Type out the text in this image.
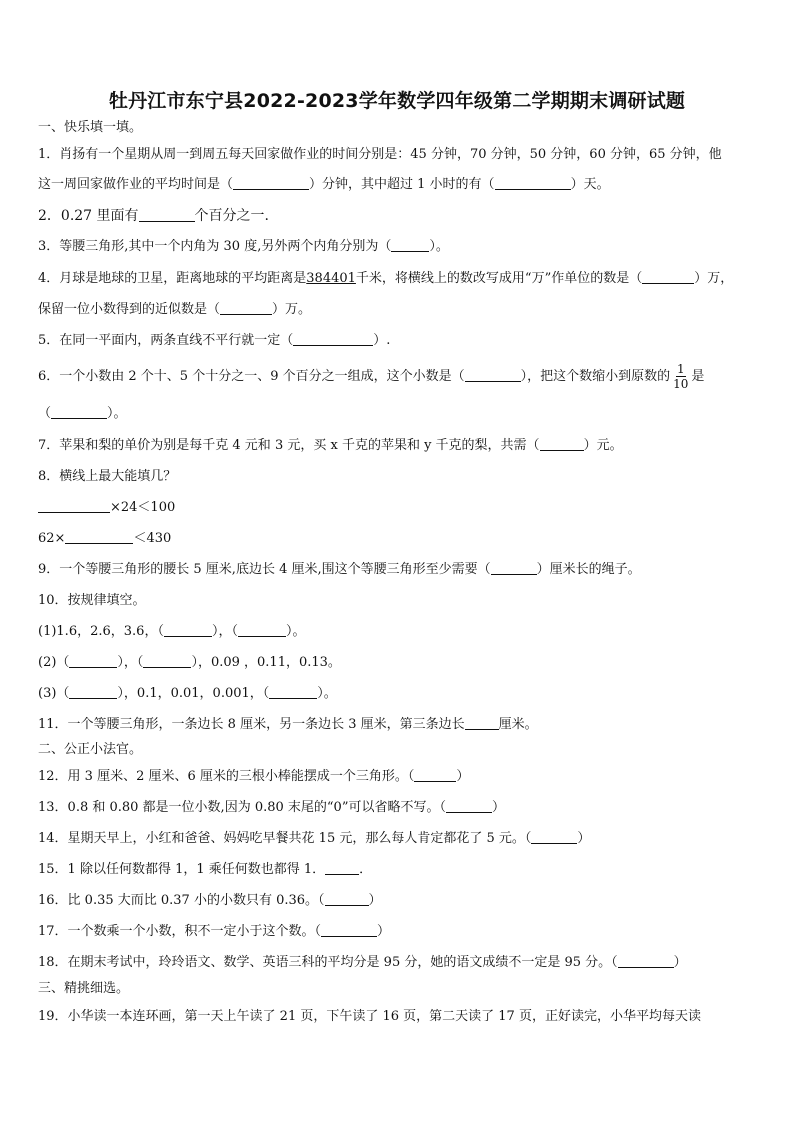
牡丹江市东宁县2022-2023学年数学四年级第二学期期末调研试题
一、快乐填一填。
1．肖扬有一个星期从周一到周五每天回家做作业的时间分别是：45 分钟，70 分钟，50 分钟，60 分钟，65 分钟，他
这一周回家做作业的平均时间是（	）分钟，其中超过 1 小时的有（	）天。
2．0.27 里面有	个百分之一.
3．等腰三角形,其中一个内角为 30 度,另外两个内角分别为（	）。
4．月球是地球的卫星，距离地球的平均距离是384401千米，将横线上的数改写成用“万”作单位的数是（	）万，
保留一位小数得到的近似数是（	）万。
5．在同一平面内，两条直线不平行就一定（	）.
6．一个小数由 2 个十、5 个十分之一、9 个百分之一组成，这个小数是（	），把这个数缩小到原数的 $\frac{1}{10}$ 是
（	）。
7．苹果和梨的单价为别是每千克 4 元和 3 元，买 x 千克的苹果和 y 千克的梨，共需（	）元。
8．横线上最大能填几？
×24＜100
62×	＜430
9．一个等腰三角形的腰长 5 厘米,底边长 4 厘米,围这个等腰三角形至少需要（	）厘米长的绳子。
10．按规律填空。
(1)1.6，2.6，3.6，（	），（	）。
(2)（	），（	），0.09 ，0.11，0.13。
(3)（	），0.1，0.01，0.001，（	）。
11．一个等腰三角形，一条边长 8 厘米，另一条边长 3 厘米，第三条边长	厘米。
二、公正小法官。
12．用 3 厘米、2 厘米、6 厘米的三根小棒能摆成一个三角形。（	）
13．0.8 和 0.80 都是一位小数,因为 0.80 末尾的“0”可以省略不写。（	）
14．星期天早上，小红和爸爸、妈妈吃早餐共花 15 元，那么每人肯定都花了 5 元。（	）
15．1 除以任何数都得 1，1 乘任何数也都得 1．	．
16．比 0.35 大而比 0.37 小的小数只有 0.36。（	）
17．一个数乘一个小数，积不一定小于这个数。（	）
18．在期末考试中，玲玲语文、数学、英语三科的平均分是 95 分，她的语文成绩不一定是 95 分。（	）
三、精挑细选。
19．小华读一本连环画，第一天上午读了 21 页，下午读了 16 页，第二天读了 17 页，正好读完，小华平均每天读
